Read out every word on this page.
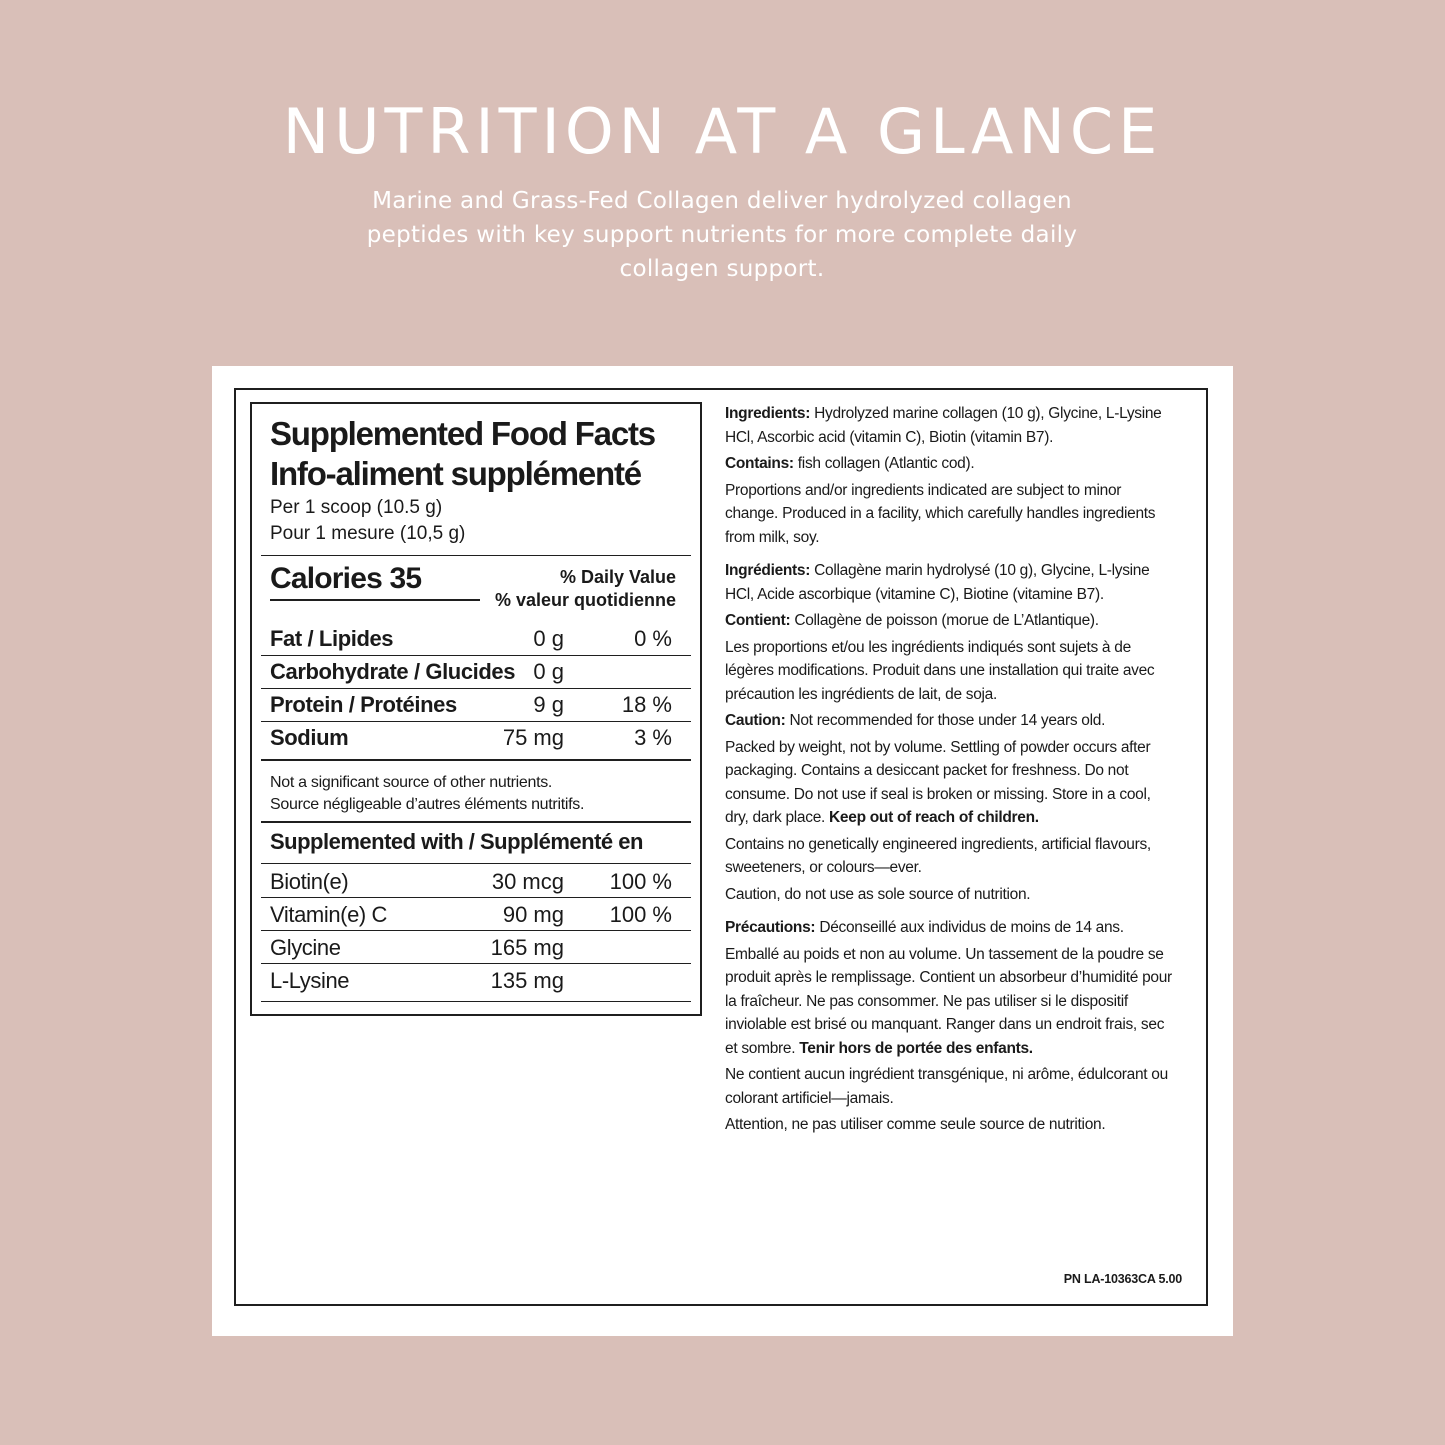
NUTRITION AT A GLANCE
Marine and Grass-Fed Collagen deliver hydrolyzed collagen peptides with key support nutrients for more complete daily collagen support.
Supplemented Food Facts
Info-aliment supplémenté
Per 1 scoop (10.5 g)
Pour 1 mesure (10,5 g)
Calories 35	% Daily Value
% valeur quotidienne
Fat / Lipides	0 g	0 %
Carbohydrate / Glucides 0 g
Protein / Protéines	9 g	18 %
Sodium	75 mg	3 %
Not a significant source of other nutrients.
Source négligeable d’autres éléments nutritifs.
Supplemented with / Supplémenté en
Biotin(e)	30 mcg 100 %
Vitamin(e) C	90 mg 100 %
Glycine	165 mg
L-Lysine	135 mg

Ingredients: Hydrolyzed marine collagen (10 g), Glycine, L-Lysine HCl, Ascorbic acid (vitamin C), Biotin (vitamin B7).

Contains: fish collagen (Atlantic cod).

Proportions and/or ingredients indicated are subject to minor change. Produced in a facility, which carefully handles ingredients from milk, soy.

Ingrédients: Collagène marin hydrolysé (10 g), Glycine, L-lysine HCl, Acide ascorbique (vitamine C), Biotine (vitamine B7).

Contient: Collagène de poisson (morue de L’Atlantique).

Les proportions et/ou les ingrédients indiqués sont sujets à de légères modifications. Produit dans une installation qui traite avec précaution les ingrédients de lait, de soja.

Caution: Not recommended for those under 14 years old.

Packed by weight, not by volume. Settling of powder occurs after packaging. Contains a desiccant packet for freshness. Do not consume. Do not use if seal is broken or missing. Store in a cool, dry, dark place. Keep out of reach of children.

Contains no genetically engineered ingredients, artificial flavours, sweeteners, or colours—ever.

Caution, do not use as sole source of nutrition.

Précautions: Déconseillé aux individus de moins de 14 ans.

Emballé au poids et non au volume. Un tassement de la poudre se produit après le remplissage. Contient un absorbeur d’humidité pour la fraîcheur. Ne pas consommer. Ne pas utiliser si le dispositif inviolable est brisé ou manquant. Ranger dans un endroit frais, sec et sombre. Tenir hors de portée des enfants.

Ne contient aucun ingrédient transgénique, ni arôme, édulcorant ou colorant artificiel—jamais.

Attention, ne pas utiliser comme seule source de nutrition.

PN LA-10363CA 5.00
